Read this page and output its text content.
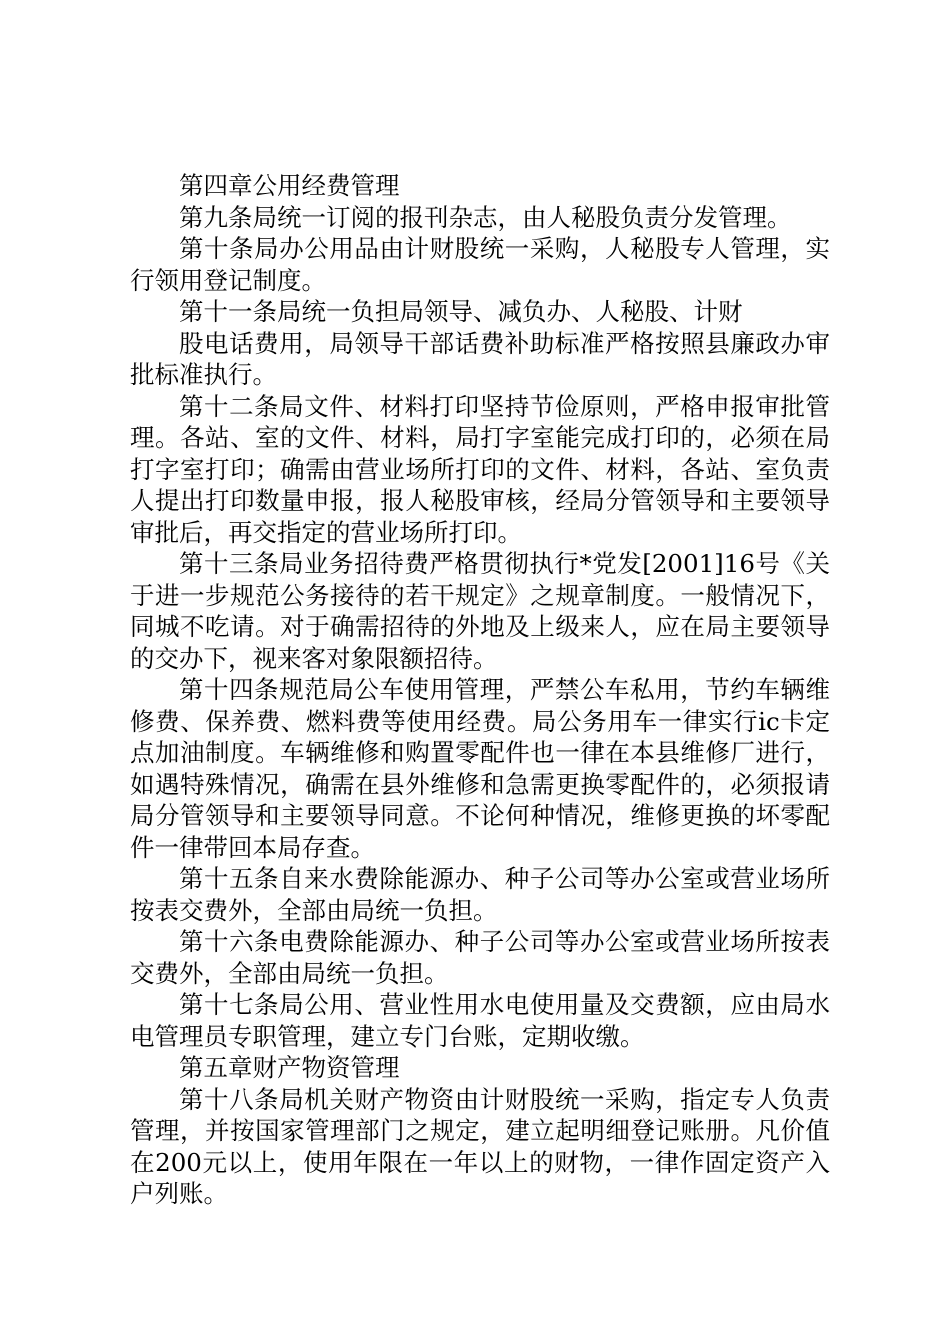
第四章公用经费管理

第九条局统一订阅的报刊杂志，由人秘股负责分发管理。

第十条局办公用品由计财股统一采购，人秘股专人管理，实行领用登记制度。

第十一条局统一负担局领导、减负办、人秘股、计财

股电话费用，局领导干部话费补助标准严格按照县廉政办审批标准执行。

第十二条局文件、材料打印坚持节俭原则，严格申报审批管理。各站、室的文件、材料，局打字室能完成打印的，必须在局打字室打印；确需由营业场所打印的文件、材料，各站、室负责人提出打印数量申报，报人秘股审核，经局分管领导和主要领导审批后，再交指定的营业场所打印。

第十三条局业务招待费严格贯彻执行*党发[2001]16号《关于进一步规范公务接待的若干规定》之规章制度。一般情况下，同城不吃请。对于确需招待的外地及上级来人，应在局主要领导的交办下，视来客对象限额招待。

第十四条规范局公车使用管理，严禁公车私用，节约车辆维修费、保养费、燃料费等使用经费。局公务用车一律实行ic卡定点加油制度。车辆维修和购置零配件也一律在本县维修厂进行，如遇特殊情况，确需在县外维修和急需更换零配件的，必须报请局分管领导和主要领导同意。不论何种情况，维修更换的坏零配件一律带回本局存查。

第十五条自来水费除能源办、种子公司等办公室或营业场所按表交费外，全部由局统一负担。

第十六条电费除能源办、种子公司等办公室或营业场所按表交费外，全部由局统一负担。

第十七条局公用、营业性用水电使用量及交费额，应由局水电管理员专职管理，建立专门台账，定期收缴。

第五章财产物资管理

第十八条局机关财产物资由计财股统一采购，指定专人负责管理，并按国家管理部门之规定，建立起明细登记账册。凡价值在200元以上，使用年限在一年以上的财物，一律作固定资产入户列账。
